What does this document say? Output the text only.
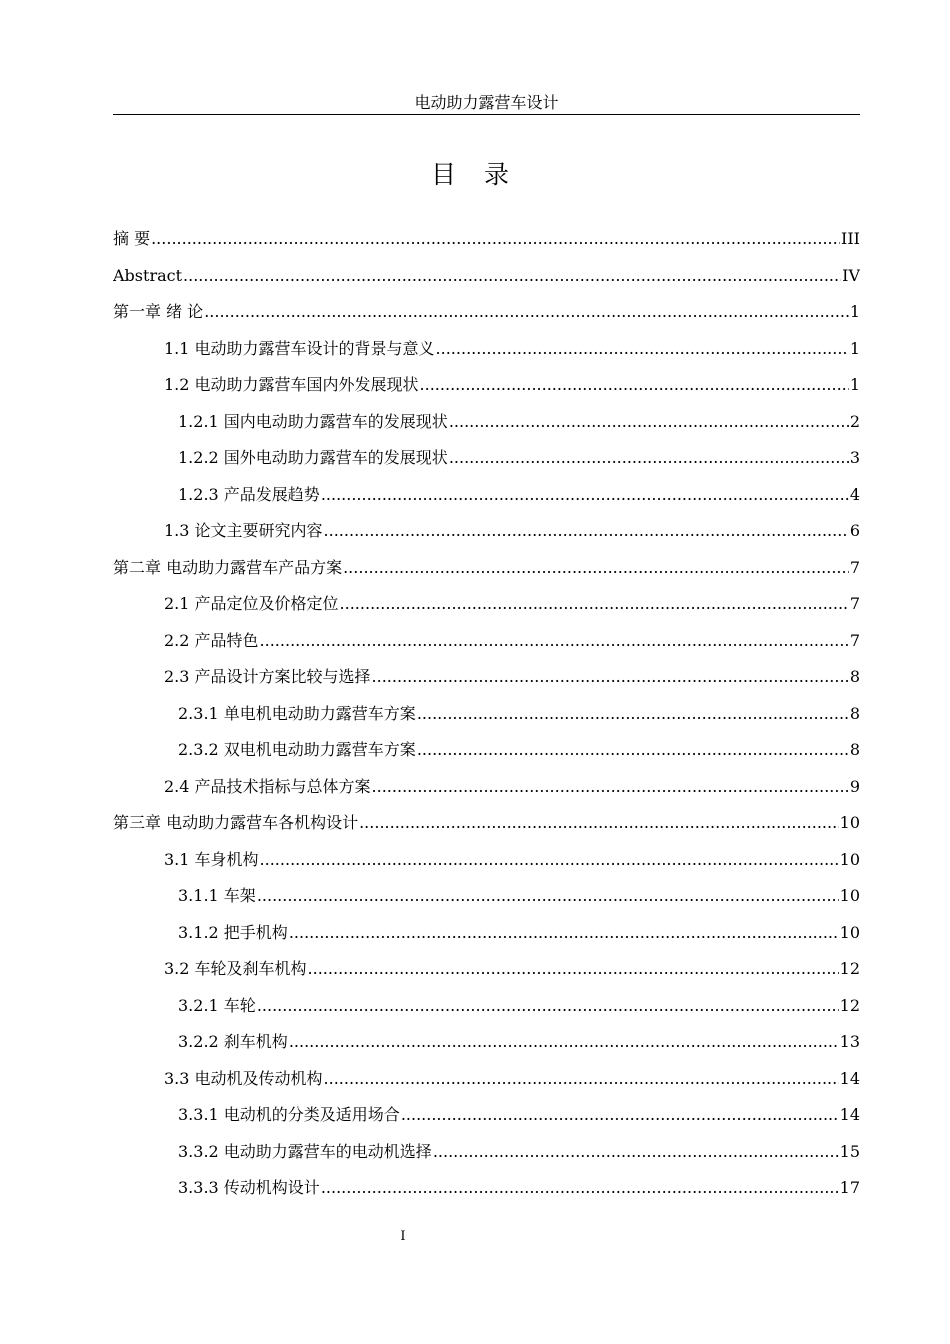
电动助力露营车设计
目 录
摘 要 .....	III
Abstract .....	IV
第一章 绪 论 .....	1
1.1 电动助力露营车设计的背景与意义 .....	1
1.2 电动助力露营车国内外发展现状 .....	1
1.2.1 国内电动助力露营车的发展现状 .....	2
1.2.2 国外电动助力露营车的发展现状 .....	3
1.2.3 产品发展趋势 .....	4
1.3 论文主要研究内容 .....	6
第二章 电动助力露营车产品方案 .....	7
2.1 产品定位及价格定位 .....	7
2.2 产品特色 .....	7
2.3 产品设计方案比较与选择 .....	8
2.3.1 单电机电动助力露营车方案 .....	8
2.3.2 双电机电动助力露营车方案 .....	8
2.4 产品技术指标与总体方案 .....	9
第三章 电动助力露营车各机构设计 .....	10
3.1 车身机构 .....	10
3.1.1 车架 .....	10
3.1.2 把手机构 .....	10
3.2 车轮及刹车机构 .....	12
3.2.1 车轮 .....	12
3.2.2 刹车机构 .....	13
3.3 电动机及传动机构 .....	14
3.3.1 电动机的分类及适用场合 .....	14
3.3.2 电动助力露营车的电动机选择 .....	15
3.3.3 传动机构设计 .....	17
I
